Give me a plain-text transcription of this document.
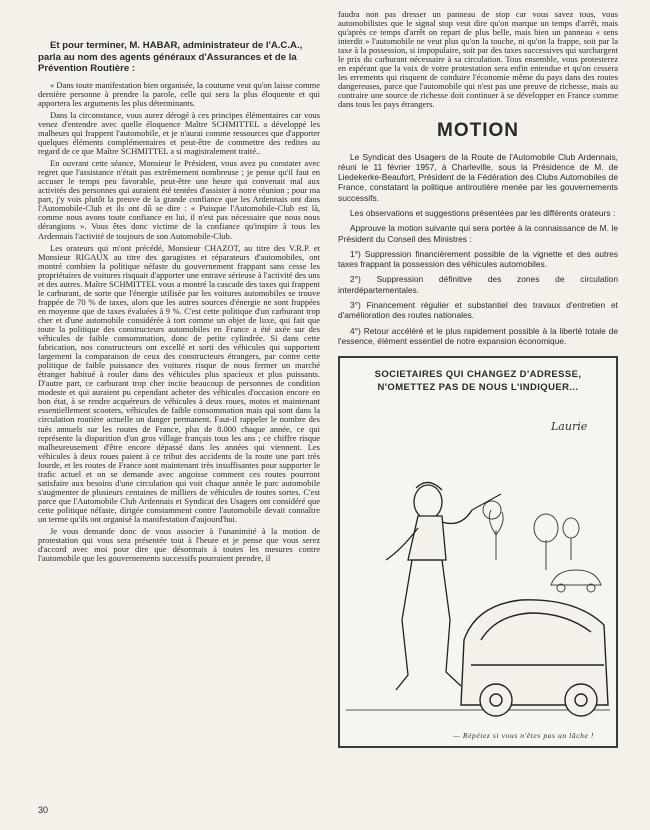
Et pour terminer, M. HABAR, administrateur de l'A.C.A., parla au nom des agents généraux d'Assurances et de la Prévention Routière :

« Dans toute manifestation bien organisée, la coutume veut qu'on laisse comme dernière personne à prendre la parole, celle qui sera la plus éloquente et qui apportera les arguments les plus déterminants.

Dans la circonstance, vous aurez dérogé à ces principes élémentaires car vous venez d'entendre avec quelle éloquence Maître SCHMITTEL a développé les malheurs qui frappent l'automobile, et je n'aurai comme ressources que d'apporter quelques éléments complémentaires et peut-être de commettre des redites au regard de ce que Maître SCHMITTEL a si magistralement traité..

En ouvrant cette séance, Monsieur le Président, vous avez pu constater avec regret que l'assistance n'était pas extrêmement nombreuse ; je pense qu'il faut en accuser le temps peu favorable, peut-être une heure qui convenait mal aux activités des personnes qui auraient été tentées d'assister à notre réunion ; pour ma part, j'y vois plutôt la preuve de la grande confiance que les Ardennais ont dans l'Automobile-Club et ils ont dû se dire : « Puisque l'Automobile-Club est là, comme nous avons toute confiance en lui, il n'est pas nécessaire que nous nous dérangions ». Vous êtes donc victime de la confiance qu'inspire à tous les Ardennais l'activité de toujours de son Automobile-Club.

Les orateurs qui m'ont précédé, Monsieur CHAZOT, au titre des V.R.P. et Monsieur RIGAUX au titre des garagistes et réparateurs d'automobiles, ont montré combien la politique néfaste du gouvernement frappant sans cesse les propriétaires de voitures risquait d'apporter une entrave sérieuse à l'activité des uns et des autres. Maître SCHMITTEL vous a montré la cascade des taxes qui frappent le carburant, de sorte que l'énergie utilisée par les voitures automobiles se trouve frappée de 70 % de taxes, alors que les autres sources d'énergie ne sont frappées en moyenne que de taxes évaluées à 9 %. C'est cette politique d'un carburant trop cher et d'une automobile considérée à tort comme un objet de luxe, qui fait que toute la politique des constructeurs automobiles en France a été axée sur des véhicules de faible consommation, donc de petite cylindrée. Si dans cette fabrication, nos constructeurs ont excellé et sorti des véhicules qui supportent largement la comparaison de ceux des constructeurs étrangers, par contre cette politique de faible puissance des voitures risque de nous fermer un marché étranger habitué à rouler dans des véhicules plus spacieux et plus puissants. D'autre part, ce carburant trop cher incite beaucoup de personnes de condition modeste et qui auraient pu cependant acheter des véhicules d'occasion encore en bon état, à se rendre acquéreurs de véhicules à deux roues, motos et maintenant essentiellement scooters, véhicules de faible consommation mais qui sont dans la circulation routière actuelle un danger permanent. Faut-il rappeler le nombre des tués annuels sur les routes de France, plus de 8.000 chaque année, ce qui représente la disparition d'un gros village français tous les ans ; ce chiffre risque malheureusement d'être encore dépassé dans les années qui viennent. Les véhicules à deux roues paient à ce tribut des accidents de la route une part très lourde, et les routes de France sont maintenant très insuffisantes pour supporter le trafic actuel et on se demande avec angoisse comment ces routes pourront satisfaire aux besoins d'une circulation qui voit chaque année le parc automobile s'augmenter de plusieurs centaines de milliers de véhicules de toutes sortes. C'est parce que l'Automobile Club Ardennais et Syndicat des Usagers ont considéré que cette politique néfaste, dirigée constamment contre l'automobile devait connaître un terme qu'ils ont organisé la manifestation d'aujourd'hui.

Je vous demande donc de vous associer à l'unanimité à la motion de protestation qui vous sera présentée tout à l'heure et je pense que vous serez d'accord avec moi pour dire que désormais à toutes les mesures contre l'automobile que les gouvernements successifs pourraient prendre, il

faudra non pas dresser un panneau de stop car vous savez tous, vous automobilistes que le signal stop veut dire qu'on marque un temps d'arrêt, mais qu'après ce temps d'arrêt on repart de plus belle, mais bien un panneau « sens interdit » l'automobile ne veut plus qu'on la touche, ni qu'on la frappe, soit par la taxe à la possession, si impopulaire, soit par des taxes successives qui surchargent le prix du carburant nécessaire à sa circulation. Tous ensemble, vous protesterez en espérant que la voix de votre protestation sera enfin entendue et qu'on cessera les errements qui risquent de conduire l'économie même du pays dans des routes dangereuses, parce que l'automobile qui n'est pas une preuve de richesse, mais au contraire une source de richesse doit continuer à se développer en France comme dans tous les pays étrangers.

MOTION

Le Syndicat des Usagers de la Route de l'Automobile Club Ardennais, réuni le 11 février 1957, à Charleville, sous la Présidence de M. de Liedekerke-Beaufort, Président de la Fédération des Clubs Automobiles de France, constatant la politique antiroutière menée par les gouvernements successifs.

Les observations et suggestions présentées par les différents orateurs :

Approuve la motion suivante qui sera portée à la connaissance de M. le Président du Conseil des Ministres :

1°) Suppression financièrement possible de la vignette et des autres taxes frappant la possession des véhicules automobiles.

2°) Suppression définitive des zones de circulation interdépartementales.

3°) Financement régulier et substantiel des travaux d'entretien et d'amélioration des routes nationales.

4°) Retour accéléré et le plus rapidement possible à la liberté totale de l'essence, élément essentiel de notre expansion économique.

SOCIETAIRES QUI CHANGEZ D'ADRESSE, N'OMETTEZ PAS DE NOUS L'INDIQUER...
Laurie
— Répétez si vous n'êtes pas un lâche !
30
